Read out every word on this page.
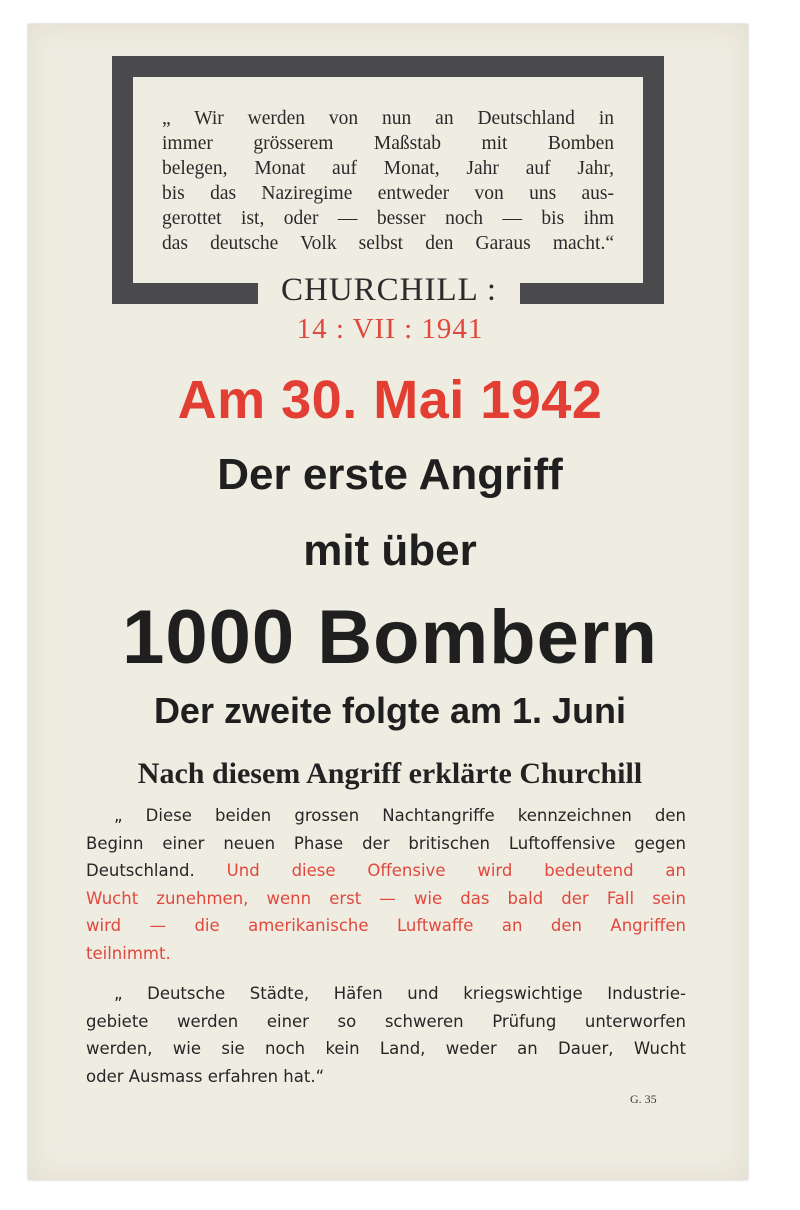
„ Wir werden von nun an Deutschland in
immer grösserem Maßstab mit Bomben
belegen, Monat auf Monat, Jahr auf Jahr,
bis das Naziregime entweder von uns aus-
gerottet ist, oder — besser noch — bis ihm
das deutsche Volk selbst den Garaus macht.“

CHURCHILL :
14 : VII : 1941
Am 30. Mai 1942
Der erste Angriff
mit über
1000 Bombern
Der zweite folgte am 1. Juni
Nach diesem Angriff erklärte Churchill

„ Diese beiden grossen Nachtangriffe kennzeichnen den
Beginn einer neuen Phase der britischen Luftoffensive gegen
Deutschland. Und diese Offensive wird bedeutend an
Wucht zunehmen, wenn erst — wie das bald der Fall sein
wird — die amerikanische Luftwaffe an den Angriffen
teilnimmt.

„ Deutsche Städte, Häfen und kriegswichtige Industrie-
gebiete werden einer so schweren Prüfung unterworfen
werden, wie sie noch kein Land, weder an Dauer, Wucht
oder Ausmass erfahren hat.“

G. 35
